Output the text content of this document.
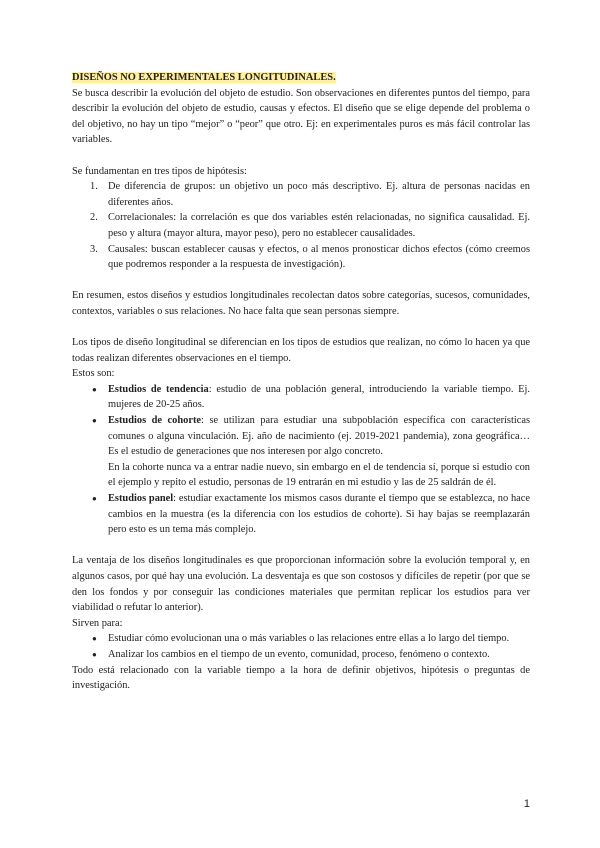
DISEÑOS NO EXPERIMENTALES LONGITUDINALES.

Se busca describir la evolución del objeto de estudio. Son observaciones en diferentes puntos del tiempo, para describir la evolución del objeto de estudio, causas y efectos. El diseño que se elige depende del problema o del objetivo, no hay un tipo “mejor” o “peor” que otro. Ej: en experimentales puros es más fácil controlar las variables.

Se fundamentan en tres tipos de hipótesis:

1. De diferencia de grupos: un objetivo un poco más descriptivo. Ej. altura de personas nacidas en diferentes años.
2. Correlacionales: la correlación es que dos variables estén relacionadas, no significa causalidad. Ej. peso y altura (mayor altura, mayor peso), pero no establecer causalidades.
3. Causales: buscan establecer causas y efectos, o al menos pronosticar dichos efectos (cómo creemos que podremos responder a la respuesta de investigación).

En resumen, estos diseños y estudios longitudinales recolectan datos sobre categorías, sucesos, comunidades, contextos, variables o sus relaciones. No hace falta que sean personas siempre.

Los tipos de diseño longitudinal se diferencian en los tipos de estudios que realizan, no cómo lo hacen ya que todas realizan diferentes observaciones en el tiempo.

Estos son:

● Estudios de tendencia: estudio de una población general, introduciendo la variable tiempo. Ej. mujeres de 20-25 años.
● Estudios de cohorte: se utilizan para estudiar una subpoblación específica con características comunes o alguna vinculación. Ej. año de nacimiento (ej. 2019-2021 pandemia), zona geográfica… Es el estudio de generaciones que nos interesen por algo concreto.
En la cohorte nunca va a entrar nadie nuevo, sin embargo en el de tendencia sí, porque si estudio con el ejemplo y repito el estudio, personas de 19 entrarán en mi estudio y las de 25 saldrán de él.
● Estudios panel: estudiar exactamente los mismos casos durante el tiempo que se establezca, no hace cambios en la muestra (es la diferencia con los estudios de cohorte). Si hay bajas se reemplazarán pero esto es un tema más complejo.

La ventaja de los diseños longitudinales es que proporcionan información sobre la evolución temporal y, en algunos casos, por qué hay una evolución. La desventaja es que son costosos y difíciles de repetir (por que se den los fondos y por conseguir las condiciones materiales que permitan replicar los estudios para ver viabilidad o refutar lo anterior).

Sirven para:

● Estudiar cómo evolucionan una o más variables o las relaciones entre ellas a lo largo del tiempo.
● Analizar los cambios en el tiempo de un evento, comunidad, proceso, fenómeno o contexto.

Todo está relacionado con la variable tiempo a la hora de definir objetivos, hipótesis o preguntas de investigación.

1
